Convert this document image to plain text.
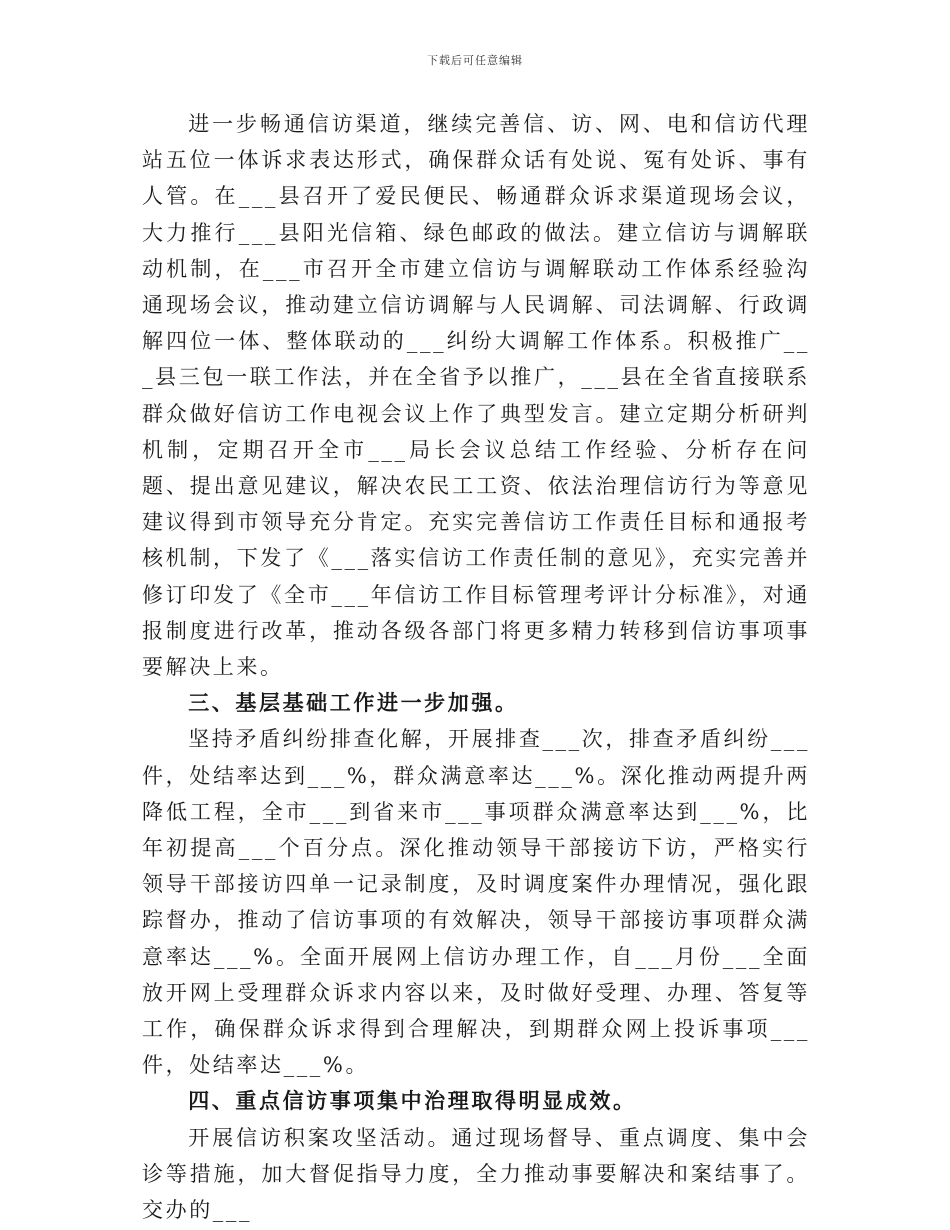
下载后可任意编辑

进一步畅通信访渠道，继续完善信、访、网、电和信访代理站五位一体诉求表达形式，确保群众话有处说、冤有处诉、事有人管。在___县召开了爱民便民、畅通群众诉求渠道现场会议，大力推行___县阳光信箱、绿色邮政的做法。建立信访与调解联动机制，在___市召开全市建立信访与调解联动工作体系经验沟通现场会议，推动建立信访调解与人民调解、司法调解、行政调解四位一体、整体联动的___纠纷大调解工作体系。积极推广___县三包一联工作法，并在全省予以推广，___县在全省直接联系群众做好信访工作电视会议上作了典型发言。建立定期分析研判机制，定期召开全市___局长会议总结工作经验、分析存在问题、提出意见建议，解决农民工工资、依法治理信访行为等意见建议得到市领导充分肯定。充实完善信访工作责任目标和通报考核机制，下发了《___落实信访工作责任制的意见》，充实完善并修订印发了《全市___年信访工作目标管理考评计分标准》，对通报制度进行改革，推动各级各部门将更多精力转移到信访事项事要解决上来。

三、基层基础工作进一步加强。

坚持矛盾纠纷排查化解，开展排查___次，排查矛盾纠纷___件，处结率达到___%，群众满意率达___%。深化推动两提升两降低工程，全市___到省来市___事项群众满意率达到___%，比年初提高___个百分点。深化推动领导干部接访下访，严格实行领导干部接访四单一记录制度，及时调度案件办理情况，强化跟踪督办，推动了信访事项的有效解决，领导干部接访事项群众满意率达___%。全面开展网上信访办理工作，自___月份___全面放开网上受理群众诉求内容以来，及时做好受理、办理、答复等工作，确保群众诉求得到合理解决，到期群众网上投诉事项___件，处结率达___%。

四、重点信访事项集中治理取得明显成效。

开展信访积案攻坚活动。通过现场督导、重点调度、集中会诊等措施，加大督促指导力度，全力推动事要解决和案结事了。交办的___
